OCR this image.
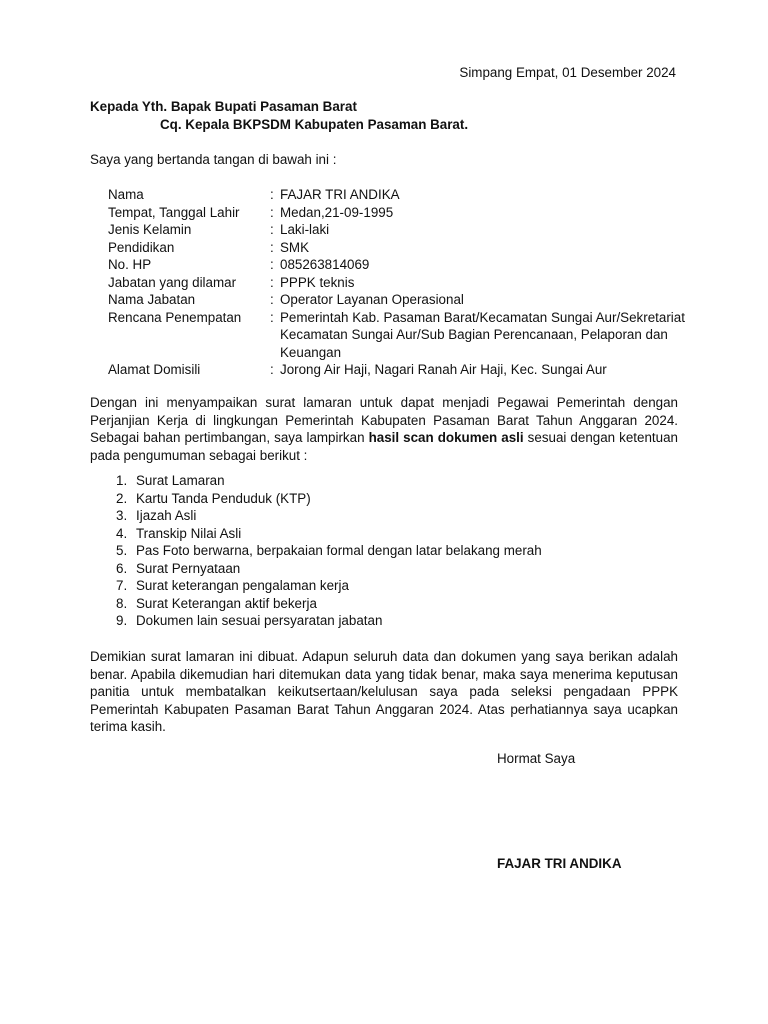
Simpang Empat, 01 Desember 2024
Kepada Yth. Bapak Bupati Pasaman Barat
Cq. Kepala BKPSDM Kabupaten Pasaman Barat.
Saya yang bertanda tangan di bawah ini :
Nama	: FAJAR TRI ANDIKA
Tempat, Tanggal Lahir	: Medan,21-09-1995
Jenis Kelamin	: Laki-laki
Pendidikan	: SMK
No. HP	: 085263814069
Jabatan yang dilamar	: PPPK teknis
Nama Jabatan	: Operator Layanan Operasional
Rencana Penempatan	: Pemerintah Kab. Pasaman Barat/Kecamatan Sungai Aur/Sekretariat Kecamatan Sungai Aur/Sub Bagian Perencanaan, Pelaporan dan Keuangan
Alamat Domisili	: Jorong Air Haji, Nagari Ranah Air Haji, Kec. Sungai Aur
Dengan ini menyampaikan surat lamaran untuk dapat menjadi Pegawai Pemerintah dengan Perjanjian Kerja di lingkungan Pemerintah Kabupaten Pasaman Barat Tahun Anggaran 2024. Sebagai bahan pertimbangan, saya lampirkan hasil scan dokumen asli sesuai dengan ketentuan pada pengumuman sebagai berikut :
1. Surat Lamaran
2. Kartu Tanda Penduduk (KTP)
3. Ijazah Asli
4. Transkip Nilai Asli
5. Pas Foto berwarna, berpakaian formal dengan latar belakang merah
6. Surat Pernyataan
7. Surat keterangan pengalaman kerja
8. Surat Keterangan aktif bekerja
9. Dokumen lain sesuai persyaratan jabatan
Demikian surat lamaran ini dibuat. Adapun seluruh data dan dokumen yang saya berikan adalah benar. Apabila dikemudian hari ditemukan data yang tidak benar, maka saya menerima keputusan panitia untuk membatalkan keikutsertaan/kelulusan saya pada seleksi pengadaan PPPK Pemerintah Kabupaten Pasaman Barat Tahun Anggaran 2024. Atas perhatiannya saya ucapkan terima kasih.
Hormat Saya
FAJAR TRI ANDIKA
